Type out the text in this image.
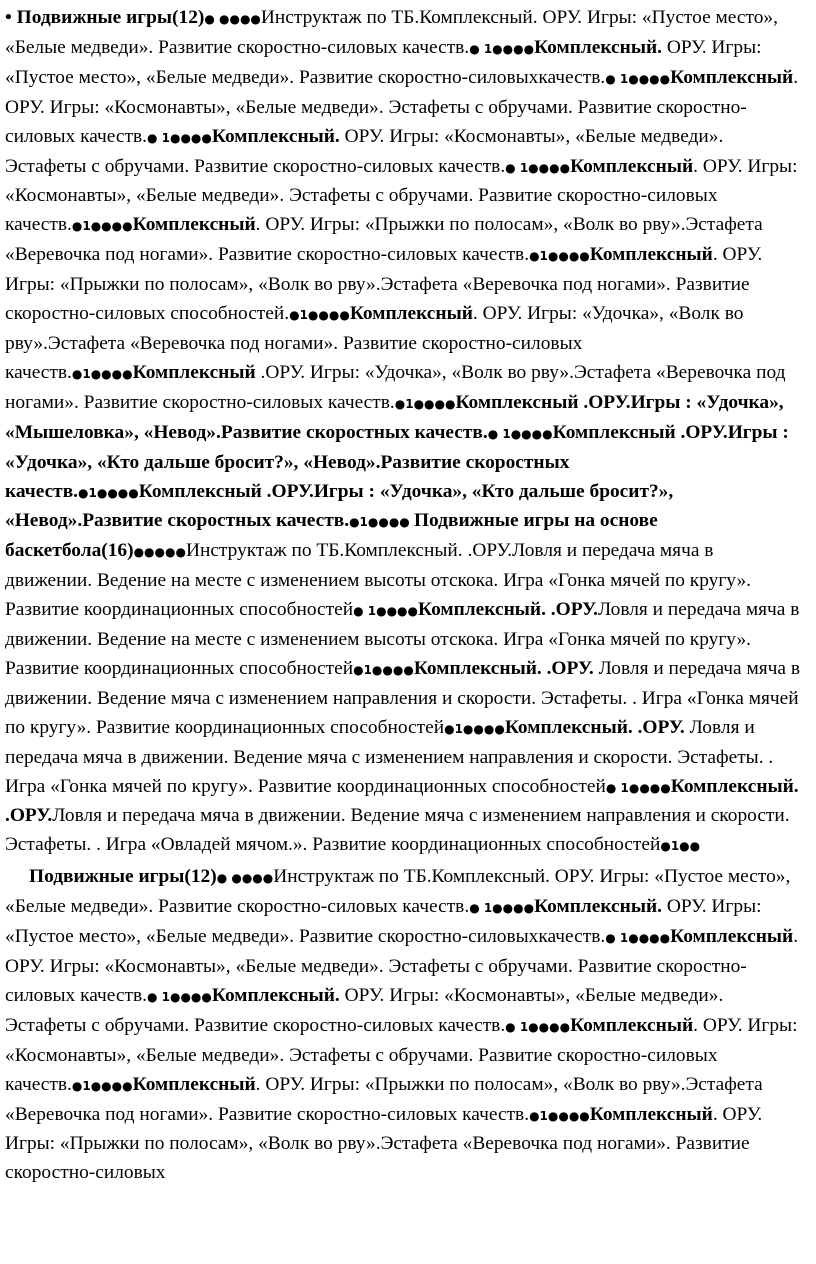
• Подвижные игры(12)● ●●●●Инструктаж по ТБ.Комплексный. ОРУ. Игры: «Пустое место», «Белые медведи». Развитие скоростно-силовых качеств.● 1●●●●Комплексный. ОРУ. Игры: «Пустое место», «Белые медведи». Развитие скоростно-силовыхкачеств.● 1●●●●Комплексный. ОРУ. Игры: «Космонавты», «Белые медведи». Эстафеты с обручами. Развитие скоростно-силовых качеств.● 1●●●●Комплексный. ОРУ. Игры: «Космонавты», «Белые медведи». Эстафеты с обручами. Развитие скоростно-силовых качеств.● 1●●●●Комплексный. ОРУ. Игры: «Космонавты», «Белые медведи». Эстафеты с обручами. Развитие скоростно-силовых качеств.●1●●●●Комплексный. ОРУ. Игры: «Прыжки по полосам», «Волк во рву».Эстафета «Веревочка под ногами». Развитие скоростно-силовых качеств.●1●●●●Комплексный. ОРУ. Игры: «Прыжки по полосам», «Волк во рву».Эстафета «Веревочка под ногами». Развитие скоростно-силовых способностей.●1●●●●Комплексный. ОРУ. Игры: «Удочка», «Волк во рву».Эстафета «Веревочка под ногами». Развитие скоростно-силовых качеств.●1●●●●Комплексный .ОРУ. Игры: «Удочка», «Волк во рву».Эстафета «Веревочка под ногами». Развитие скоростно-силовых качеств.●1●●●●Комплексный .ОРУ.Игры : «Удочка», «Мышеловка», «Невод».Развитие скоростных качеств.● 1●●●●Комплексный .ОРУ.Игры : «Удочка», «Кто дальше бросит?», «Невод».Развитие скоростных качеств.●1●●●●Комплексный .ОРУ.Игры : «Удочка», «Кто дальше бросит?», «Невод».Развитие скоростных качеств.●1●●●● Подвижные игры на основе баскетбола(16)●●●●●Инструктаж по ТБ.Комплексный. .ОРУ.Ловля и передача мяча в движении. Ведение на месте с изменением высоты отскока. Игра «Гонка мячей по кругу». Развитие координационных способностей● 1●●●●Комплексный. .ОРУ.Ловля и передача мяча в движении. Ведение на месте с изменением высоты отскока. Игра «Гонка мячей по кругу». Развитие координационных способностей●1●●●●Комплексный. .ОРУ. Ловля и передача мяча в движении. Ведение мяча с изменением направления и скорости. Эстафеты. . Игра «Гонка мячей по кругу». Развитие координационных способностей●1●●●●Комплексный. .ОРУ. Ловля и передача мяча в движении. Ведение мяча с изменением направления и скорости. Эстафеты. . Игра «Гонка мячей по кругу». Развитие координационных способностей● 1●●●●Комплексный. .ОРУ.Ловля и передача мяча в движении. Ведение мяча с изменением направления и скорости. Эстафеты. . Игра «Овладей мячом.». Развитие координационных способностей●1●●

Подвижные игры(12)● ●●●●Инструктаж по ТБ.Комплексный. ОРУ. Игры: «Пустое место», «Белые медведи». Развитие скоростно-силовых качеств.● 1●●●●Комплексный. ОРУ. Игры: «Пустое место», «Белые медведи». Развитие скоростно-силовыхкачеств.● 1●●●●Комплексный. ОРУ. Игры: «Космонавты», «Белые медведи». Эстафеты с обручами. Развитие скоростно-силовых качеств.● 1●●●●Комплексный. ОРУ. Игры: «Космонавты», «Белые медведи». Эстафеты с обручами. Развитие скоростно-силовых качеств.● 1●●●●Комплексный. ОРУ. Игры: «Космонавты», «Белые медведи». Эстафеты с обручами. Развитие скоростно-силовых качеств.●1●●●●Комплексный. ОРУ. Игры: «Прыжки по полосам», «Волк во рву».Эстафета «Веревочка под ногами». Развитие скоростно-силовых качеств.●1●●●●Комплексный. ОРУ. Игры: «Прыжки по полосам», «Волк во рву».Эстафета «Веревочка под ногами». Развитие скоростно-силовых
